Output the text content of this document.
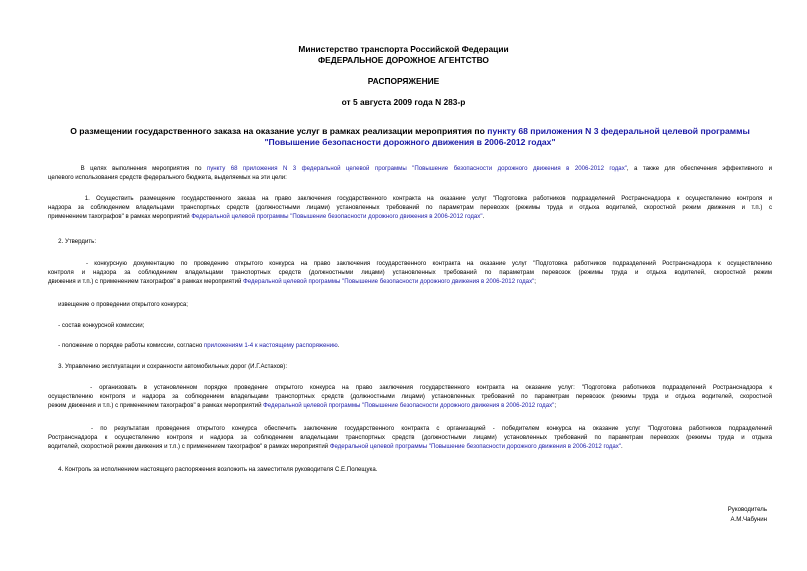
Министерство транспорта Российской Федерации
ФЕДЕРАЛЬНОЕ ДОРОЖНОЕ АГЕНТСТВО
РАСПОРЯЖЕНИЕ
от 5 августа 2009 года N 283-р
О размещении государственного заказа на оказание услуг в рамках реализации мероприятия по пункту 68 приложения N 3 федеральной целевой программы
"Повышение безопасности дорожного движения в 2006-2012 годах"
В целях выполнения мероприятия по пункту 68 приложения N 3 федеральной целевой программы "Повышение безопасности дорожного движения в 2006-2012 годах", а также для обеспечения эффективного и
целевого использования средств федерального бюджета, выделяемых на эти цели:
1. Осуществить размещение государственного заказа на право заключения государственного контракта на оказание услуг "Подготовка работников подразделений Ространснадзора к осуществлению контроля и
надзора за соблюдением владельцами транспортных средств (должностными лицами) установленных требований по параметрам перевозок (режимы труда и отдыха водителей, скоростной режим движения и т.п.) с
применением тахографов" в рамках мероприятий Федеральной целевой программы "Повышение безопасности дорожного движения в 2006-2012 годах".
2. Утвердить:
- конкурсную документацию по проведению открытого конкурса на право заключения государственного контракта на оказание услуг "Подготовка работников подразделений Ространснадзора к осуществлению
контроля и надзора за соблюдением владельцами транспортных средств (должностными лицами) установленных требований по параметрам перевозок (режимы труда и отдыха водителей, скоростной режим
движения и т.п.) с применением тахографов" в рамках мероприятий Федеральной целевой программы "Повышение безопасности дорожного движения в 2006-2012 годах";
извещение о проведении открытого конкурса;
- состав конкурсной комиссии;
- положение о порядке работы комиссии, согласно приложениям 1-4 к настоящему распоряжению.
3. Управлению эксплуатации и сохранности автомобильных дорог (И.Г.Астахов):
- организовать в установленном порядке проведение открытого конкурса на право заключения государственного контракта на оказание услуг: "Подготовка работников подразделений Ространснадзора к
осуществлению контроля и надзора за соблюдением владельцами транспортных средств (должностными лицами) установленных требований по параметрам перевозок (режимы труда и отдыха водителей, скоростной
режим движения и т.п.) с применением тахографов" в рамках мероприятий Федеральной целевой программы "Повышение безопасности дорожного движения в 2006-2012 годах";
- по результатам проведения открытого конкурса обеспечить заключение государственного контракта с организацией - победителем конкурса на оказание услуг "Подготовка работников подразделений
Ространснадзора к осуществлению контроля и надзора за соблюдением владельцами транспортных средств (должностными лицами) установленных требований по параметрам перевозок (режимы труда и отдыха
водителей, скоростной режим движения и т.п.) с применением тахографов" в рамках мероприятий Федеральной целевой программы "Повышение безопасности дорожного движения в 2006-2012 годах".
4. Контроль за исполнением настоящего распоряжения возложить на заместителя руководителя С.Е.Полещука.
Руководитель
А.М.Чабунин
